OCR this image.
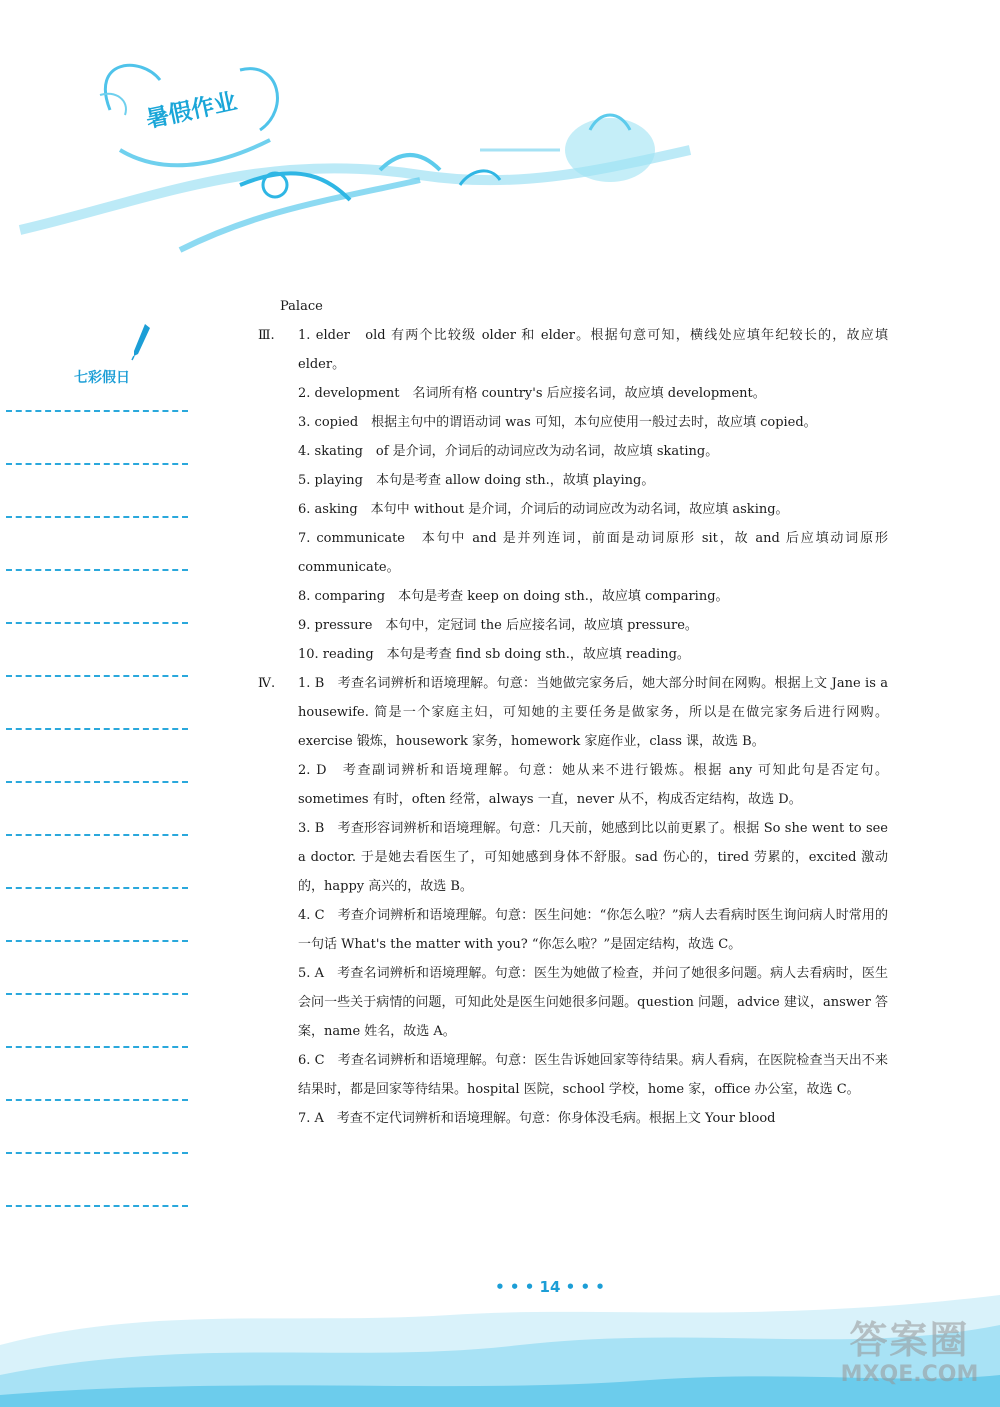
暑假作业
七彩假日

Palace

Ⅲ. 1. elder　old 有两个比较级 older 和 elder。根据句意可知，横线处应填年纪较长的，故应填 elder。

2. development　名词所有格 country's 后应接名词，故应填 development。

3. copied　根据主句中的谓语动词 was 可知，本句应使用一般过去时，故应填 copied。

4. skating　of 是介词，介词后的动词应改为动名词，故应填 skating。

5. playing　本句是考查 allow doing sth.，故填 playing。

6. asking　本句中 without 是介词，介词后的动词应改为动名词，故应填 asking。

7. communicate　本句中 and 是并列连词，前面是动词原形 sit，故 and 后应填动词原形 communicate。

8. comparing　本句是考查 keep on doing sth.，故应填 comparing。

9. pressure　本句中，定冠词 the 后应接名词，故应填 pressure。

10. reading　本句是考查 find sb doing sth.，故应填 reading。

Ⅳ. 1. B　考查名词辨析和语境理解。句意：当她做完家务后，她大部分时间在网购。根据上文 Jane is a housewife. 简是一个家庭主妇，可知她的主要任务是做家务，所以是在做完家务后进行网购。exercise 锻炼，housework 家务，homework 家庭作业，class 课，故选 B。

2. D　考查副词辨析和语境理解。句意：她从来不进行锻炼。根据 any 可知此句是否定句。sometimes 有时，often 经常，always 一直，never 从不，构成否定结构，故选 D。

3. B　考查形容词辨析和语境理解。句意：几天前，她感到比以前更累了。根据 So she went to see a doctor. 于是她去看医生了，可知她感到身体不舒服。sad 伤心的，tired 劳累的，excited 激动的，happy 高兴的，故选 B。

4. C　考查介词辨析和语境理解。句意：医生问她：“你怎么啦？”病人去看病时医生询问病人时常用的一句话 What's the matter with you? “你怎么啦？”是固定结构，故选 C。

5. A　考查名词辨析和语境理解。句意：医生为她做了检查，并问了她很多问题。病人去看病时，医生会问一些关于病情的问题，可知此处是医生问她很多问题。question 问题，advice 建议，answer 答案，name 姓名，故选 A。

6. C　考查名词辨析和语境理解。句意：医生告诉她回家等待结果。病人看病，在医院检查当天出不来结果时，都是回家等待结果。hospital 医院，school 学校，home 家，office 办公室，故选 C。

7. A　考查不定代词辨析和语境理解。句意：你身体没毛病。根据上文 Your blood

• • • 14 • • •
答案圈
MXQE.COM
